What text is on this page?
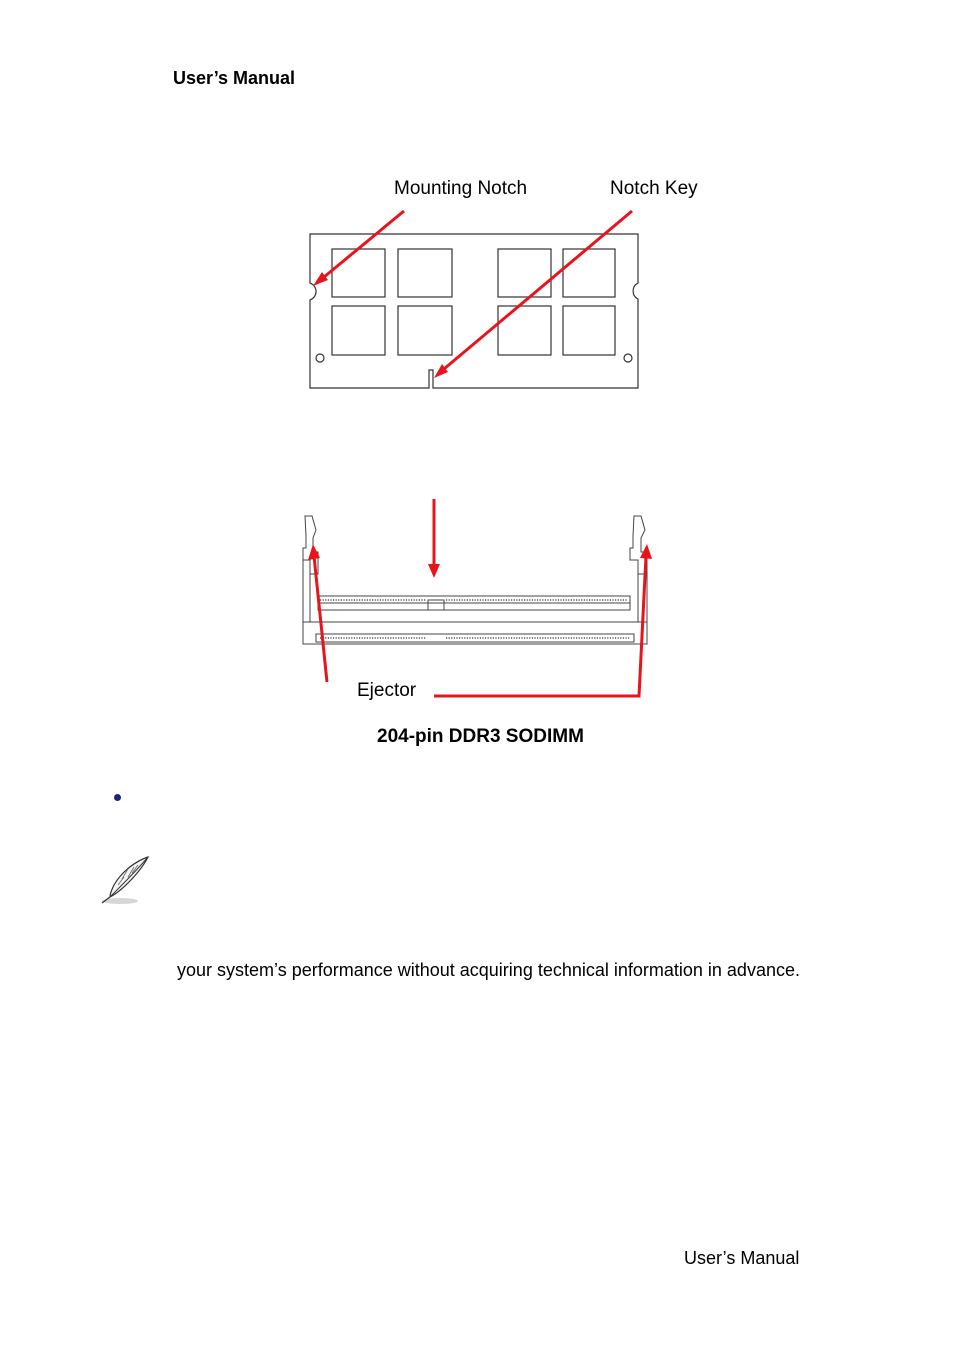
User’s Manual
Mounting Notch	Notch Key
Ejector
204-pin DDR3 SODIMM
your system’s performance without acquiring technical information in advance.
User’s Manual
